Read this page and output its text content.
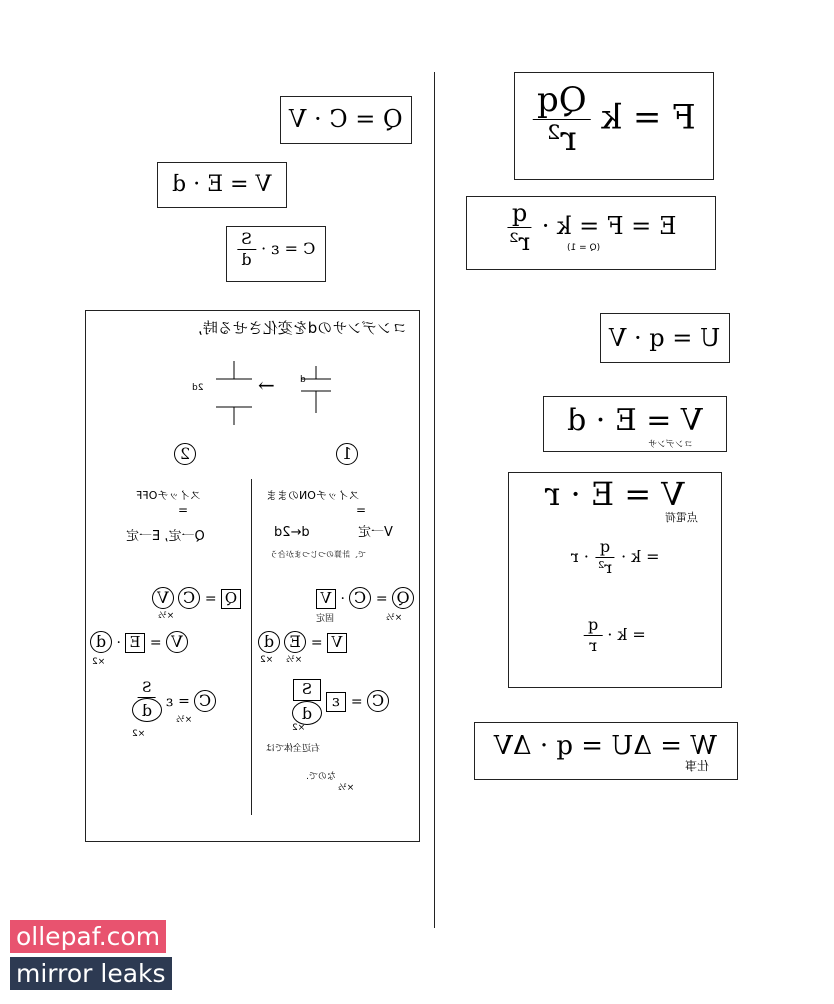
Q = C · V
V = E · d
C = ε ·
$\frac{S}{d}$
F = k
$\frac{Qq}{\text{r²}}$
E = F = k ·
$\frac{q}{\text{r²}}$	(Q = 1)
U = q · V
V = E · d
コンデンサ
V = E · r
点電荷
= k ·
$\frac{q}{\text{r²}}$
· r
= k ·
$\frac{q}{r}$
W = ΔU = q · ΔV
仕事
コンデンサのdを変化させる時,
d
2d	←
1
2
スイッチONのまま
=
V一定
d←2d
で、計算のつじつまが合う
V · C = Q
固定	×½
d E = V
×2 ×½
$\frac{S}{d}$ ε = C
×2
右辺全体では
なので.
×½
スイッチOFF
=
Q一定, E一定
V C = Q
×½
d · E = V
×2
$\frac{S}{d}$ ε = C
×2
×½
ollepaf.com
mirror leaks
